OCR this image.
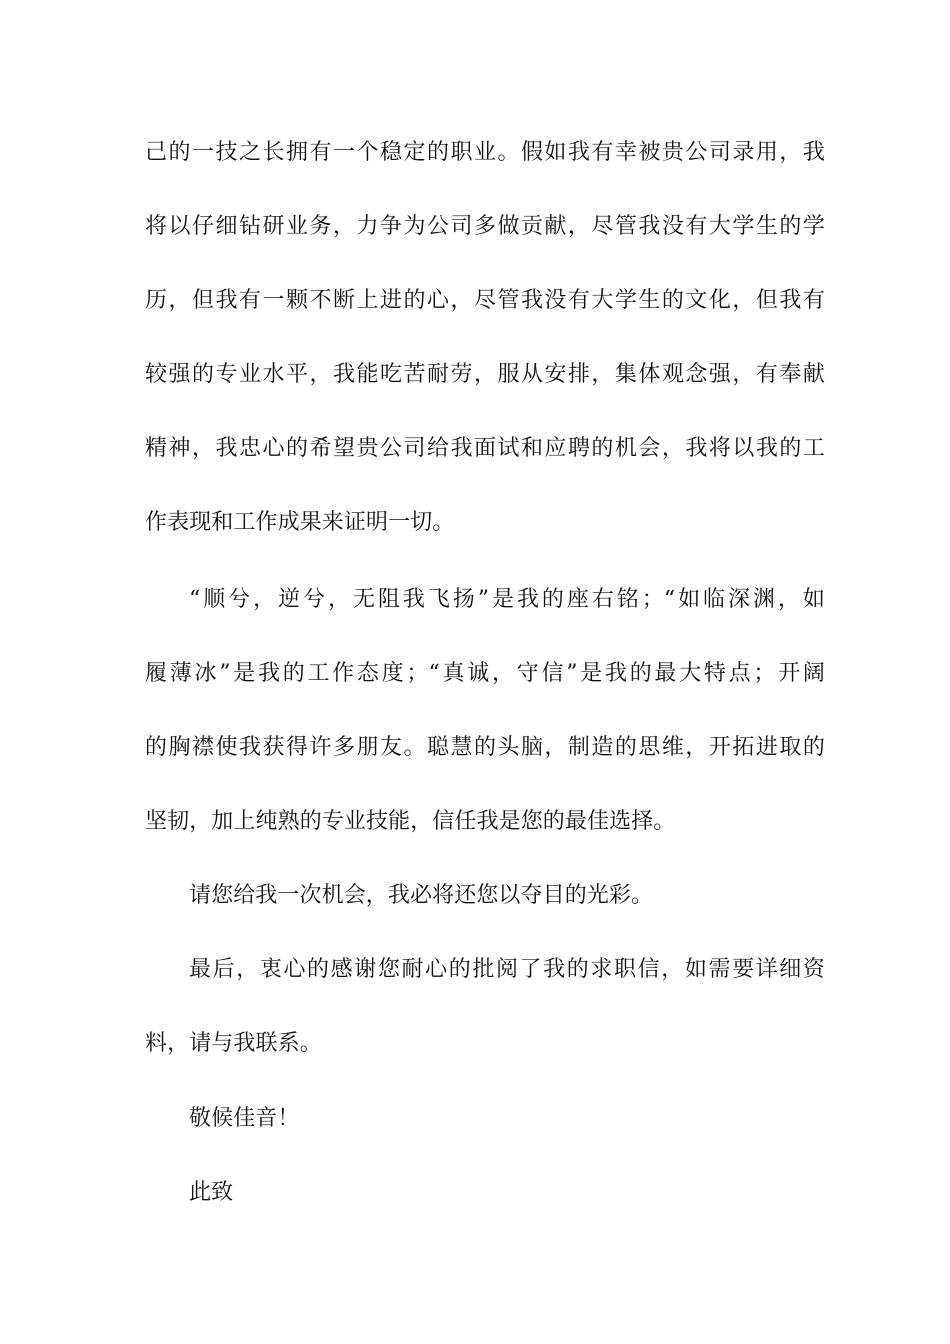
己的一技之长拥有一个稳定的职业。假如我有幸被贵公司录用，我
将以仔细钻研业务，力争为公司多做贡献，尽管我没有大学生的学
历，但我有一颗不断上进的心，尽管我没有大学生的文化，但我有
较强的专业水平，我能吃苦耐劳，服从安排，集体观念强，有奉献
精神，我忠心的希望贵公司给我面试和应聘的机会，我将以我的工
作表现和工作成果来证明一切。
“顺兮，逆兮，无阻我飞扬”是我的座右铭；“如临深渊，如
履薄冰”是我的工作态度；“真诚，守信”是我的最大特点；开阔
的胸襟使我获得许多朋友。聪慧的头脑，制造的思维，开拓进取的
坚韧，加上纯熟的专业技能，信任我是您的最佳选择。
请您给我一次机会，我必将还您以夺目的光彩。
最后，衷心的感谢您耐心的批阅了我的求职信，如需要详细资
料，请与我联系。
敬候佳音！
此致
